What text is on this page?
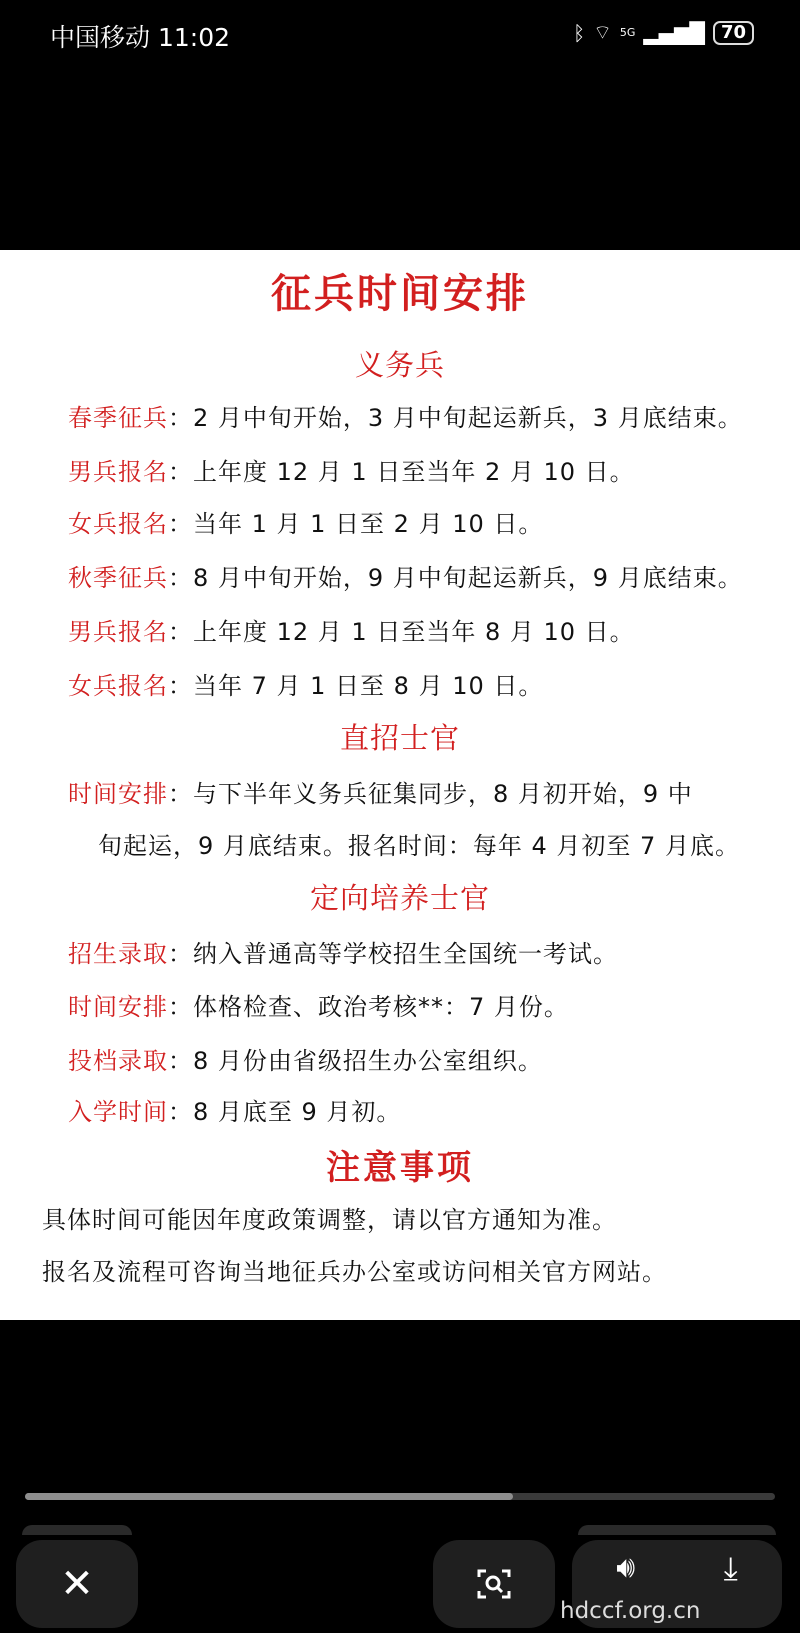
中国移动 11:02	ᛒ ⌔ 5G ▂▄▆█ 70
征兵时间安排
义务兵
春季征兵：2 月中旬开始，3 月中旬起运新兵，3 月底结束。
男兵报名：上年度 12 月 1 日至当年 2 月 10 日。
女兵报名：当年 1 月 1 日至 2 月 10 日。
秋季征兵：8 月中旬开始，9 月中旬起运新兵，9 月底结束。
男兵报名：上年度 12 月 1 日至当年 8 月 10 日。
女兵报名：当年 7 月 1 日至 8 月 10 日。
直招士官
时间安排：与下半年义务兵征集同步，8 月初开始，9 中
旬起运，9 月底结束。报名时间：每年 4 月初至 7 月底。
定向培养士官
招生录取：纳入普通高等学校招生全国统一考试。
时间安排：体格检查、政治考核**：7 月份。
投档录取：8 月份由省级招生办公室组织。
入学时间：8 月底至 9 月初。
注意事项
具体时间可能因年度政策调整，请以官方通知为准。
报名及流程可咨询当地征兵办公室或访问相关官方网站。
✕	🔊︎	⤓
hdccf.org.cn
